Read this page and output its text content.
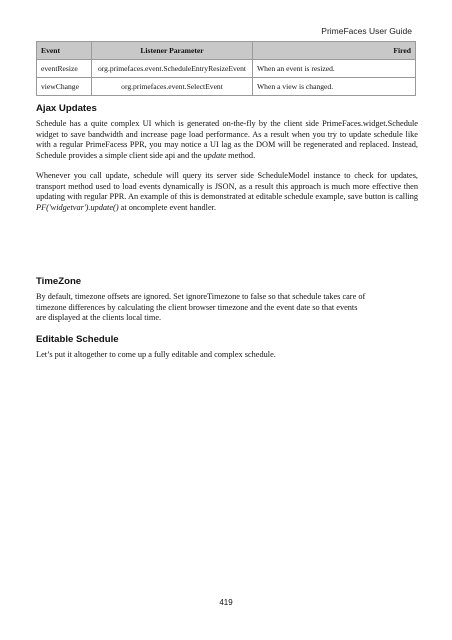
PrimeFaces User Guide
Event	Listener Parameter	Fired
eventResize	org.primefaces.event.ScheduleEntryResizeEvent	When an event is resized.
viewChange	org.primefaces.event.SelectEvent	When a view is changed.
Ajax Updates

Schedule has a quite complex UI which is generated on-the-fly by the client side PrimeFaces.widget.Schedule widget to save bandwidth and increase page load performance. As a result when you try to update schedule like with a regular PrimeFacess PPR, you may notice a UI lag as the DOM will be regenerated and replaced. Instead, Schedule provides a simple client side api and the update method.

Whenever you call update, schedule will query its server side ScheduleModel instance to check for updates, transport method used to load events dynamically is JSON, as a result this approach is much more effective then updating with regular PPR. An example of this is demonstrated at editable schedule example, save button is calling PF('widgetvar').update() at oncomplete event handler.

TimeZone

By default, timezone offsets are ignored. Set ignoreTimezone to false so that schedule takes care of
timezone differences by calculating the client browser timezone and the event date so that events
are displayed at the clients local time.

Editable Schedule

Let’s put it altogether to come up a fully editable and complex schedule.

419
